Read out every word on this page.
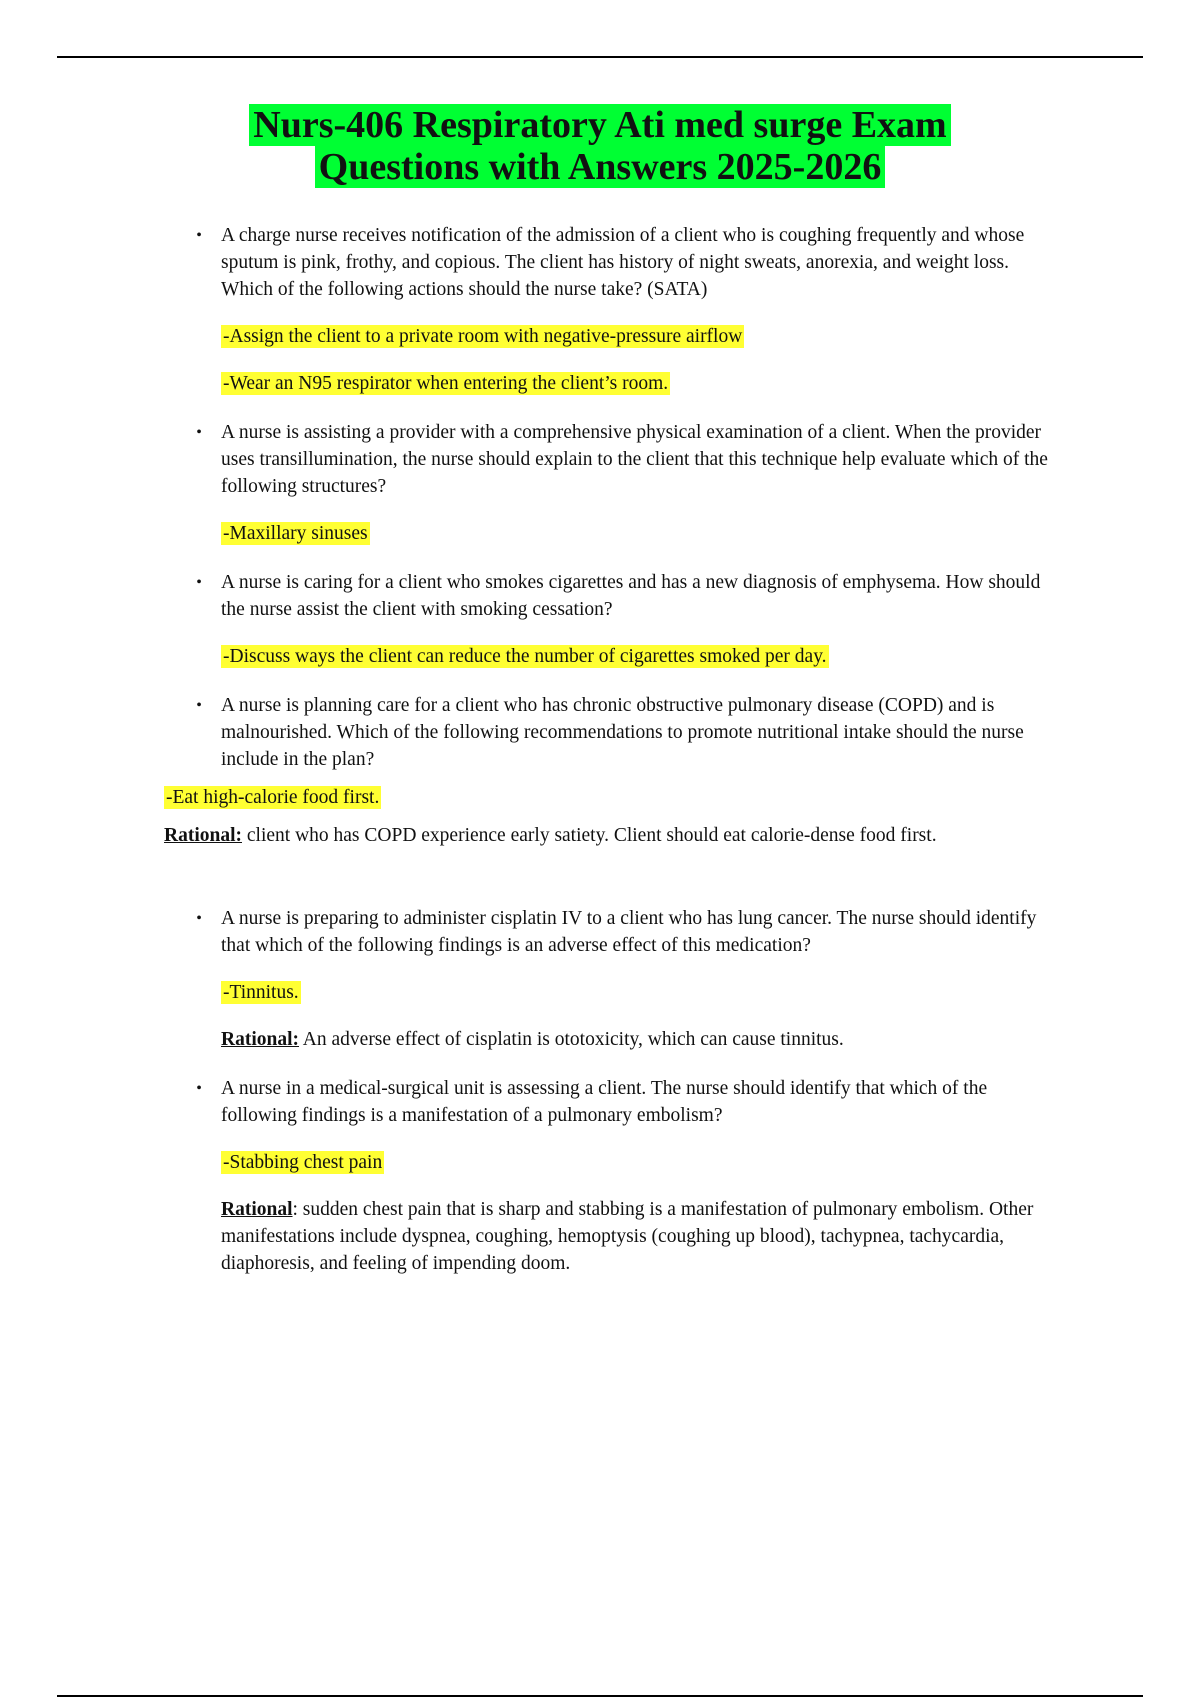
Nurs-406 Respiratory Ati med surge Exam
Questions with Answers 2025-2026
• A charge nurse receives notification of the admission of a client who is coughing frequently and whose sputum is pink, frothy, and copious. The client has history of night sweats, anorexia, and weight loss. Which of the following actions should the nurse take? (SATA)

-Assign the client to a private room with negative-pressure airflow
-Wear an N95 respirator when entering the client’s room.
• A nurse is assisting a provider with a comprehensive physical examination of a client. When the provider uses transillumination, the nurse should explain to the client that this technique help evaluate which of the following structures?

-Maxillary sinuses
• A nurse is caring for a client who smokes cigarettes and has a new diagnosis of emphysema. How should the nurse assist the client with smoking cessation?

-Discuss ways the client can reduce the number of cigarettes smoked per day.
• A nurse is planning care for a client who has chronic obstructive pulmonary disease (COPD) and is malnourished. Which of the following recommendations to promote nutritional intake should the nurse include in the plan?

-Eat high-calorie food first.
Rational: client who has COPD experience early satiety. Client should eat calorie-dense food first.
• A nurse is preparing to administer cisplatin IV to a client who has lung cancer. The nurse should identify that which of the following findings is an adverse effect of this medication?

-Tinnitus.
Rational: An adverse effect of cisplatin is ototoxicity, which can cause tinnitus.
• A nurse in a medical-surgical unit is assessing a client. The nurse should identify that which of the following findings is a manifestation of a pulmonary embolism?

-Stabbing chest pain
Rational: sudden chest pain that is sharp and stabbing is a manifestation of pulmonary embolism. Other manifestations include dyspnea, coughing, hemoptysis (coughing up blood), tachypnea, tachycardia, diaphoresis, and feeling of impending doom.
